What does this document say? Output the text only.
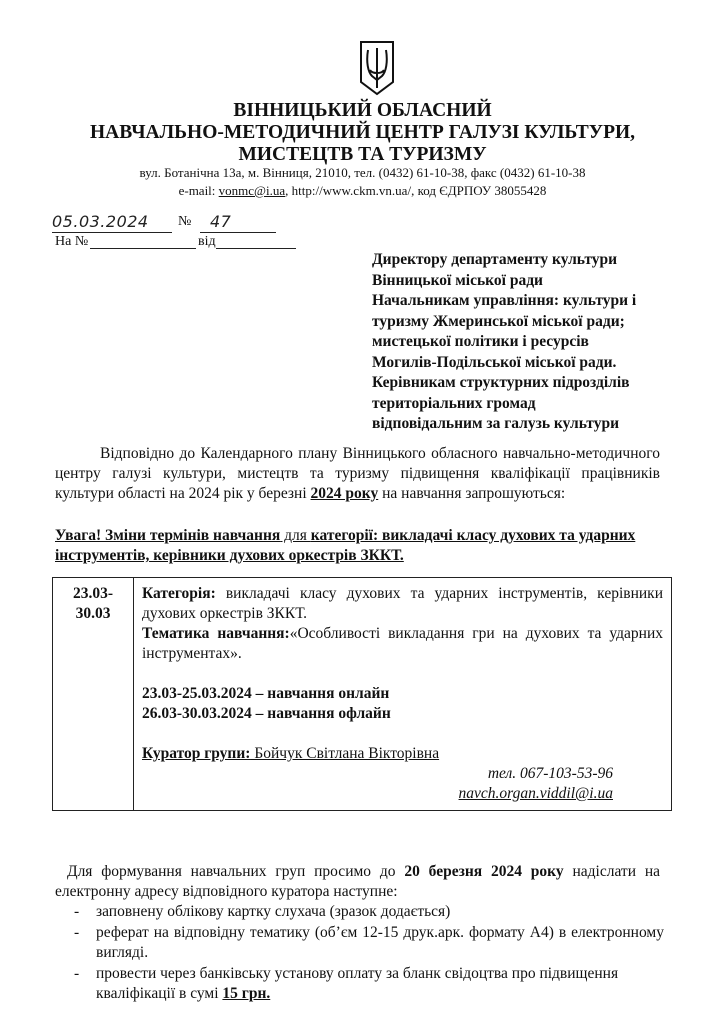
ВІННИЦЬКИЙ ОБЛАСНИЙ
НАВЧАЛЬНО-МЕТОДИЧНИЙ ЦЕНТР ГАЛУЗІ КУЛЬТУРИ,
МИСТЕЦТВ ТА ТУРИЗМУ
вул. Ботанічна 13а, м. Вінниця, 21010, тел. (0432) 61-10-38, факс (0432) 61-10-38
e-mail: vonmc@i.ua, http://www.ckm.vn.ua/, код ЄДРПОУ 38055428
05.03.2024	№	47
На №	від
Директору департаменту культури
Вінницької міської ради
Начальникам управління: культури і
туризму Жмеринської міської ради;
мистецької політики і ресурсів
Могилів-Подільської міської ради.
Керівникам структурних підрозділів
територіальних громад
відповідальним за галузь культури
Відповідно до Календарного плану Вінницького обласного навчально-методичного центру галузі культури, мистецтв та туризму підвищення кваліфікації працівників культури області на 2024 рік у березні 2024 року на навчання запрошуються:
Увага! Зміни термінів навчання для категорії: викладачі класу духових та ударних інструментів, керівники духових оркестрів ЗККТ.
23.03-30.03	
Категорія: викладачі класу духових та ударних інструментів, керівники духових оркестрів ЗККТ.
Тематика навчання:«Особливості викладання гри на духових та ударних інструментах».
23.03-25.03.2024 – навчання онлайн
26.03-30.03.2024 – навчання офлайн
Куратор групи: Бойчук Світлана Вікторівна
тел. 067-103-53-96
navch.organ.viddil@i.ua
Для формування навчальних груп просимо до 20 березня 2024 року надіслати на електронну адресу відповідного куратора наступне:
-	заповнену облікову картку слухача (зразок додається)
-	реферат на відповідну тематику (об’єм 12-15 друк.арк. формату А4) в електронному вигляді.
-	провести через банківську установу оплату за бланк свідоцтва про підвищення кваліфікації в сумі 15 грн.
